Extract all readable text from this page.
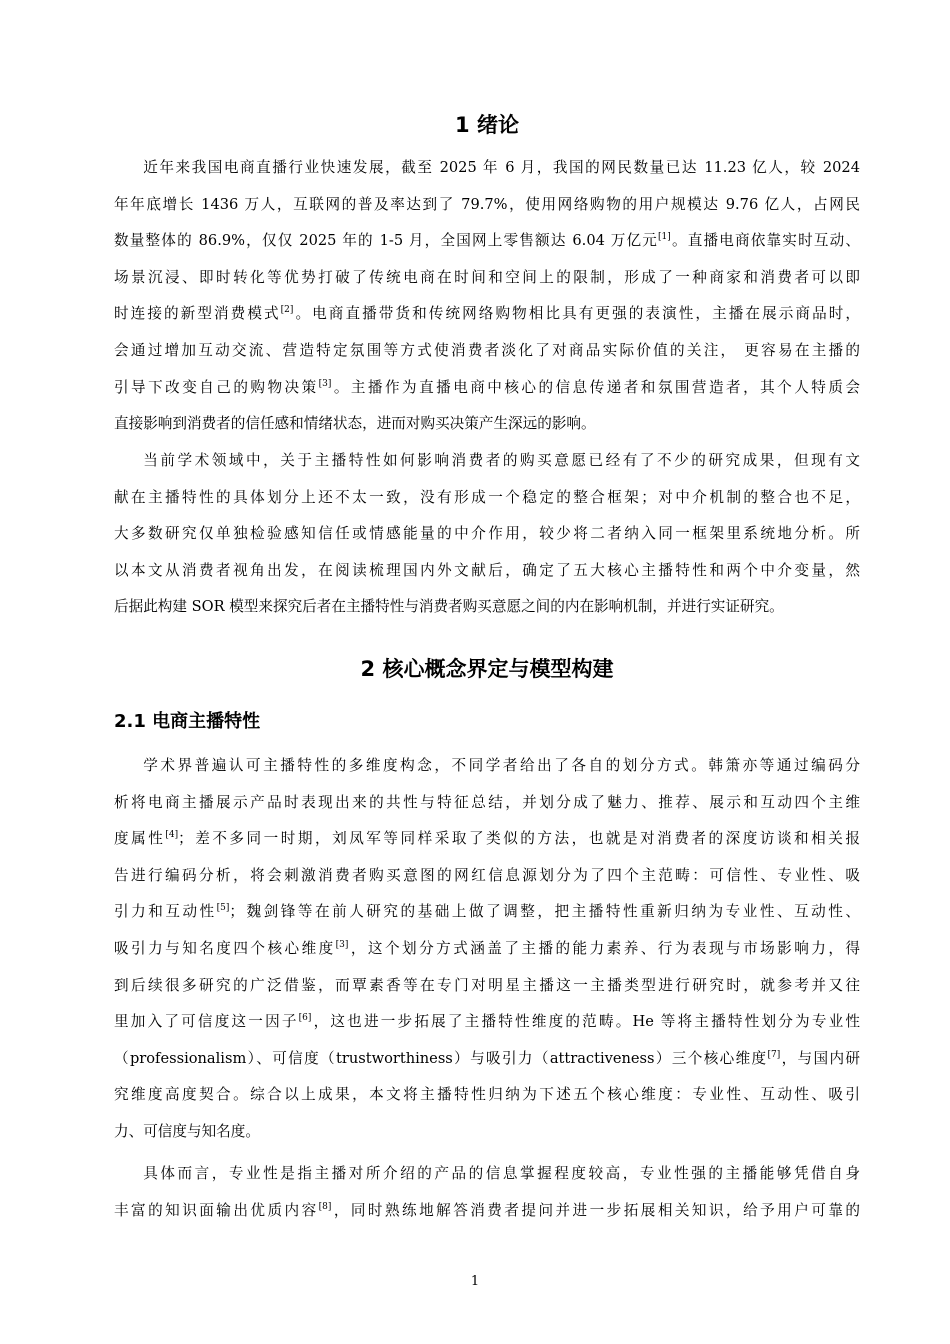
1 绪论
近年来我国电商直播行业快速发展，截至 2025 年 6 月，我国的网民数量已达 11.23 亿人，较 2024
年年底增长 1436 万人，互联网的普及率达到了 79.7%，使用网络购物的用户规模达 9.76 亿人，占网民
数量整体的 86.9%，仅仅 2025 年的 1-5 月，全国网上零售额达 6.04 万亿元[1]。直播电商依靠实时互动、
场景沉浸、即时转化等优势打破了传统电商在时间和空间上的限制，形成了一种商家和消费者可以即
时连接的新型消费模式[2]。电商直播带货和传统网络购物相比具有更强的表演性，主播在展示商品时，
会通过增加互动交流、营造特定氛围等方式使消费者淡化了对商品实际价值的关注， 更容易在主播的
引导下改变自己的购物决策[3]。主播作为直播电商中核心的信息传递者和氛围营造者，其个人特质会
直接影响到消费者的信任感和情绪状态，进而对购买决策产生深远的影响。
当前学术领域中，关于主播特性如何影响消费者的购买意愿已经有了不少的研究成果，但现有文
献在主播特性的具体划分上还不太一致，没有形成一个稳定的整合框架；对中介机制的整合也不足，
大多数研究仅单独检验感知信任或情感能量的中介作用，较少将二者纳入同一框架里系统地分析。所
以本文从消费者视角出发，在阅读梳理国内外文献后，确定了五大核心主播特性和两个中介变量，然
后据此构建 SOR 模型来探究后者在主播特性与消费者购买意愿之间的内在影响机制，并进行实证研究。
2 核心概念界定与模型构建
2.1 电商主播特性
学术界普遍认可主播特性的多维度构念，不同学者给出了各自的划分方式。韩箫亦等通过编码分
析将电商主播展示产品时表现出来的共性与特征总结，并划分成了魅力、推荐、展示和互动四个主维
度属性[4]；差不多同一时期，刘凤军等同样采取了类似的方法，也就是对消费者的深度访谈和相关报
告进行编码分析，将会刺激消费者购买意图的网红信息源划分为了四个主范畴：可信性、专业性、吸
引力和互动性[5]；魏剑锋等在前人研究的基础上做了调整，把主播特性重新归纳为专业性、互动性、
吸引力与知名度四个核心维度[3]，这个划分方式涵盖了主播的能力素养、行为表现与市场影响力，得
到后续很多研究的广泛借鉴，而覃素香等在专门对明星主播这一主播类型进行研究时，就参考并又往
里加入了可信度这一因子[6]，这也进一步拓展了主播特性维度的范畴。He 等将主播特性划分为专业性
（professionalism）、可信度（trustworthiness）与吸引力（attractiveness）三个核心维度[7]，与国内研
究维度高度契合。综合以上成果，本文将主播特性归纳为下述五个核心维度：专业性、互动性、吸引
力、可信度与知名度。
具体而言，专业性是指主播对所介绍的产品的信息掌握程度较高，专业性强的主播能够凭借自身
丰富的知识面输出优质内容[8]，同时熟练地解答消费者提问并进一步拓展相关知识，给予用户可靠的
1
